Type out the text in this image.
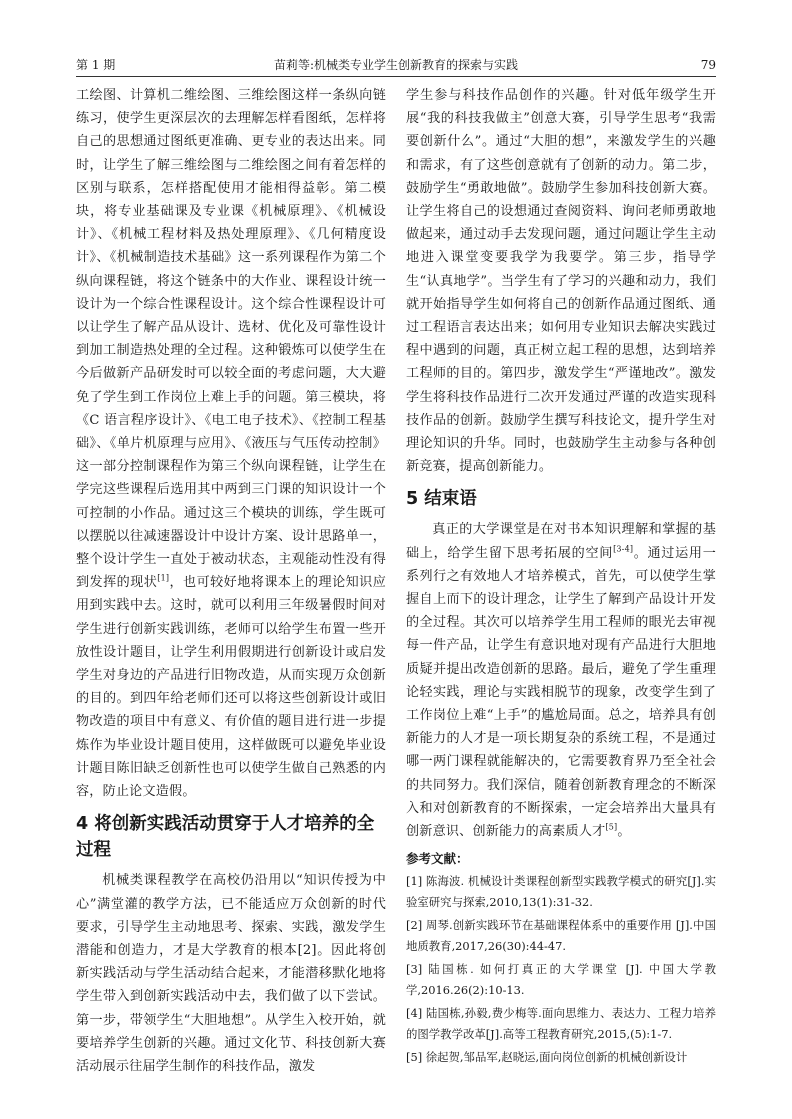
第 1 期	苗莉等:机械类专业学生创新教育的探索与实践	79

工绘图、计算机二维绘图、三维绘图这样一条纵向链练习，使学生更深层次的去理解怎样看图纸，怎样将自己的思想通过图纸更准确、更专业的表达出来。同时，让学生了解三维绘图与二维绘图之间有着怎样的区别与联系，怎样搭配使用才能相得益彰。第二模块，将专业基础课及专业课《机械原理》、《机械设计》、《机械工程材料及热处理原理》、《几何精度设计》、《机械制造技术基础》这一系列课程作为第二个纵向课程链，将这个链条中的大作业、课程设计统一设计为一个综合性课程设计。这个综合性课程设计可以让学生了解产品从设计、选材、优化及可靠性设计到加工制造热处理的全过程。这种锻炼可以使学生在今后做新产品研发时可以较全面的考虑问题，大大避免了学生到工作岗位上难上手的问题。第三模块，将《C 语言程序设计》、《电工电子技术》、《控制工程基础》、《单片机原理与应用》、《液压与气压传动控制》这一部分控制课程作为第三个纵向课程链，让学生在学完这些课程后选用其中两到三门课的知识设计一个可控制的小作品。通过这三个模块的训练，学生既可以摆脱以往减速器设计中设计方案、设计思路单一，整个设计学生一直处于被动状态，主观能动性没有得到发挥的现状[1]，也可较好地将课本上的理论知识应用到实践中去。这时，就可以利用三年级暑假时间对学生进行创新实践训练，老师可以给学生布置一些开放性设计题目，让学生利用假期进行创新设计或启发学生对身边的产品进行旧物改造，从而实现万众创新的目的。到四年给老师们还可以将这些创新设计或旧物改造的项目中有意义、有价值的题目进行进一步提炼作为毕业设计题目使用，这样做既可以避免毕业设计题目陈旧缺乏创新性也可以使学生做自己熟悉的内容，防止论文造假。

4 将创新实践活动贯穿于人才培养的全过程

机械类课程教学在高校仍沿用以“知识传授为中心”满堂灌的教学方法，已不能适应万众创新的时代要求，引导学生主动地思考、探索、实践，激发学生潜能和创造力，才是大学教育的根本[2]。因此将创新实践活动与学生活动结合起来，才能潜移默化地将学生带入到创新实践活动中去，我们做了以下尝试。第一步，带领学生“大胆地想”。从学生入校开始，就要培养学生创新的兴趣。通过文化节、科技创新大赛活动展示往届学生制作的科技作品，激发

学生参与科技作品创作的兴趣。针对低年级学生开展“我的科技我做主”创意大赛，引导学生思考“我需要创新什么”。通过“大胆的想”，来激发学生的兴趣和需求，有了这些创意就有了创新的动力。第二步，鼓励学生“勇敢地做”。鼓励学生参加科技创新大赛。让学生将自己的设想通过查阅资料、询问老师勇敢地做起来，通过动手去发现问题，通过问题让学生主动地进入课堂变要我学为我要学。第三步，指导学生“认真地学”。当学生有了学习的兴趣和动力，我们就开始指导学生如何将自己的创新作品通过图纸、通过工程语言表达出来；如何用专业知识去解决实践过程中遇到的问题，真正树立起工程的思想，达到培养工程师的目的。第四步，激发学生“严谨地改”。激发学生将科技作品进行二次开发通过严谨的改造实现科技作品的创新。鼓励学生撰写科技论文，提升学生对理论知识的升华。同时，也鼓励学生主动参与各种创新竞赛，提高创新能力。

5 结束语

真正的大学课堂是在对书本知识理解和掌握的基础上，给学生留下思考拓展的空间[3-4]。通过运用一系列行之有效地人才培养模式，首先，可以使学生掌握自上而下的设计理念，让学生了解到产品设计开发的全过程。其次可以培养学生用工程师的眼光去审视每一件产品，让学生有意识地对现有产品进行大胆地质疑并提出改造创新的思路。最后，避免了学生重理论轻实践，理论与实践相脱节的现象，改变学生到了工作岗位上难“上手”的尴尬局面。总之，培养具有创新能力的人才是一项长期复杂的系统工程，不是通过哪一两门课程就能解决的，它需要教育界乃至全社会的共同努力。我们深信，随着创新教育理念的不断深入和对创新教育的不断探索，一定会培养出大量具有创新意识、创新能力的高素质人才[5]。

参考文献：
[1] 陈海波. 机械设计类课程创新型实践教学模式的研究[J].实验室研究与探索,2010,13(1):31-32.
[2] 周琴.创新实践环节在基础课程体系中的重要作用 [J].中国地质教育,2017,26(30):44-47.
[3] 陆国栋. 如何打真正的大学课堂 [J]. 中国大学教学,2016.26(2):10-13.
[4] 陆国栋,孙毅,费少梅等.面向思维力、表达力、工程力培养的图学教学改革[J].高等工程教育研究,2015,(5):1-7.
[5] 徐起贺,邹品军,赵晓运,面向岗位创新的机械创新设计
